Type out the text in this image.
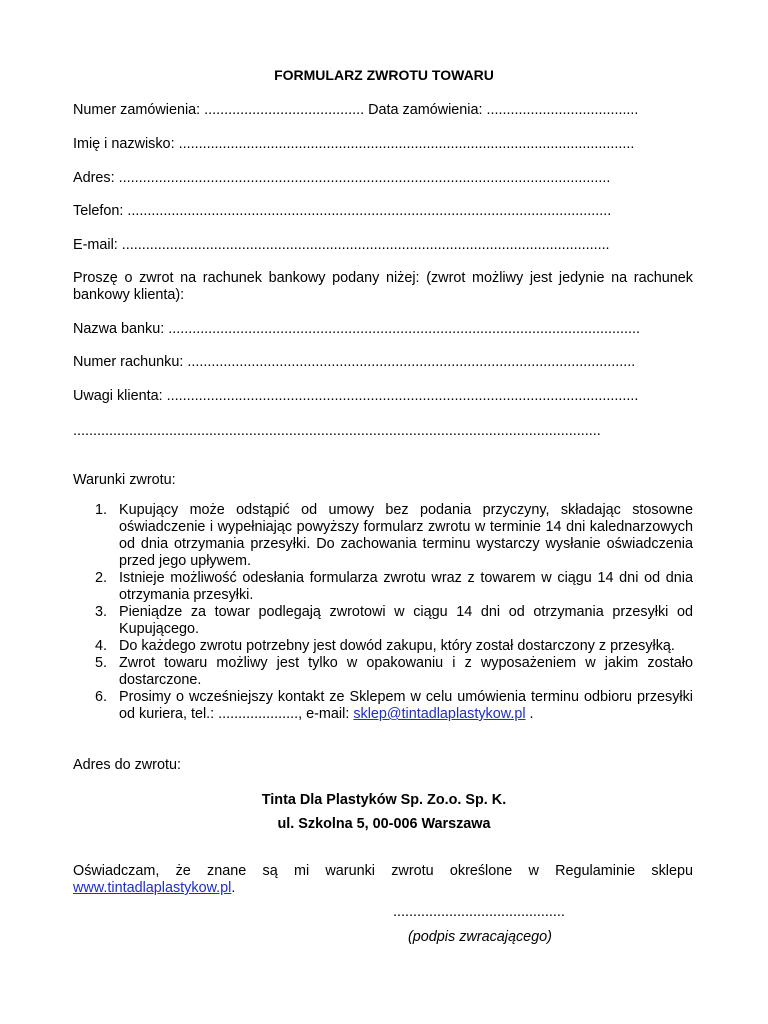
FORMULARZ ZWROTU TOWARU
Numer zamówienia: ........................................ Data zamówienia: ......................................
Imię i nazwisko: ..................................................................................................................
Adres: ...........................................................................................................................
Telefon: .........................................................................................................................
E-mail: ..........................................................................................................................
Proszę o zwrot na rachunek bankowy podany niżej: (zwrot możliwy jest jedynie na rachunek bankowy klienta):
Nazwa banku: ......................................................................................................................
Numer rachunku: ................................................................................................................
Uwagi klienta: ......................................................................................................................
....................................................................................................................................
Warunki zwrotu:
1. Kupujący może odstąpić od umowy bez podania przyczyny, składając stosowne oświadczenie i wypełniając powyższy formularz zwrotu w terminie 14 dni kalednarzowych od dnia otrzymania przesyłki. Do zachowania terminu wystarczy wysłanie oświadczenia przed jego upływem.
2. Istnieje możliwość odesłania formularza zwrotu wraz z towarem w ciągu 14 dni od dnia otrzymania przesyłki.
3. Pieniądze za towar podlegają zwrotowi w ciągu 14 dni od otrzymania przesyłki od Kupującego.
4. Do każdego zwrotu potrzebny jest dowód zakupu, który został dostarczony z przesyłką.
5. Zwrot towaru możliwy jest tylko w opakowaniu i z wyposażeniem w jakim zostało dostarczone.
6. Prosimy o wcześniejszy kontakt ze Sklepem w celu umówienia terminu odbioru przesyłki od kuriera, tel.: ...................., e-mail: sklep@tintadlaplastykow.pl .
Adres do zwrotu:
Tinta Dla Plastyków Sp. Zo.o. Sp. K.
ul. Szkolna 5, 00-006 Warszawa
Oświadczam, że znane są mi warunki zwrotu określone w Regulaminie sklepu www.tintadlaplastykow.pl.
...........................................
(podpis zwracającego)
